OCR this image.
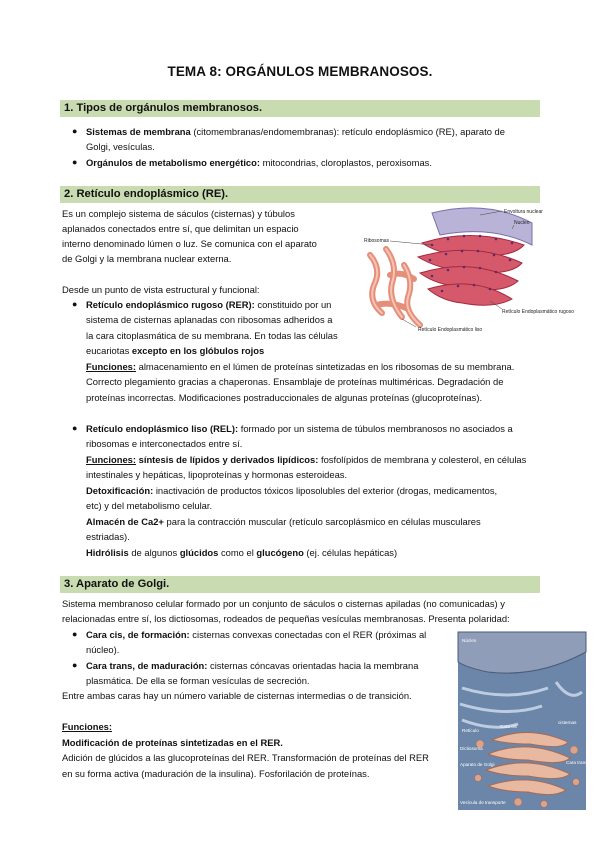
TEMA 8: ORGÁNULOS MEMBRANOSOS.
1. Tipos de orgánulos membranosos.
● Sistemas de membrana (citomembranas/endomembranas): retículo endoplásmico (RE), aparato de
Golgi, vesículas.
● Orgánulos de metabolismo energético: mitocondrias, cloroplastos, peroxisomas.
2. Retículo endoplásmico (RE).
Es un complejo sistema de sáculos (cisternas) y túbulos
aplanados conectados entre sí, que delimitan un espacio
interno denominado lúmen o luz. Se comunica con el aparato
de Golgi y la membrana nuclear externa.
Desde un punto de vista estructural y funcional:
● Retículo endoplásmico rugoso (RER): constituido por un
sistema de cisternas aplanadas con ribosomas adheridos a
la cara citoplasmática de su membrana. En todas las células
eucariotas excepto en los glóbulos rojos
Funciones: almacenamiento en el lúmen de proteínas sintetizadas en los ribosomas de su membrana.
Correcto plegamiento gracias a chaperonas. Ensamblaje de proteínas multiméricas. Degradación de
proteínas incorrectas. Modificaciones postraduccionales de algunas proteínas (glucoproteínas).
● Retículo endoplásmico liso (REL): formado por un sistema de túbulos membranosos no asociados a
ribosomas e interconectados entre sí.
Funciones: síntesis de lípidos y derivados lipídicos: fosfolípidos de membrana y colesterol, en células
intestinales y hepáticas, lipoproteínas y hormonas esteroideas.
Detoxificación: inactivación de productos tóxicos liposolubles del exterior (drogas, medicamentos,
etc) y del metabolismo celular.
Almacén de Ca2+ para la contracción muscular (retículo sarcoplásmico en células musculares
estriadas).
Hidrólisis de algunos glúcidos como el glucógeno (ej. células hepáticas)
Envoltura nuclear
Nucleo
Ribosomas
Retículo Endoplasmático rugoso
Retículo Endoplasmático liso
3. Aparato de Golgi.
Sistema membranoso celular formado por un conjunto de sáculos o cisternas apiladas (no comunicadas) y
relacionadas entre sí, los dictiosomas, rodeados de pequeñas vesículas membranosas. Presenta polaridad:
● Cara cis, de formación: cisternas convexas conectadas con el RER (próximas al
núcleo).
● Cara trans, de maduración: cisternas cóncavas orientadas hacia la membrana
plasmática. De ella se forman vesículas de secreción.
Entre ambas caras hay un número variable de cisternas intermedias o de transición.
Funciones:
Modificación de proteínas sintetizadas en el RER.
Adición de glúcidos a las glucoproteínas del RER. Transformación de proteínas del RER
en su forma activa (maduración de la insulina). Fosforilación de proteínas.
Núcleo
cisternas
Cara cis
Cara trans
Retículo
Dictiosoma
Aparato de Golgi
Vesícula de transporte
